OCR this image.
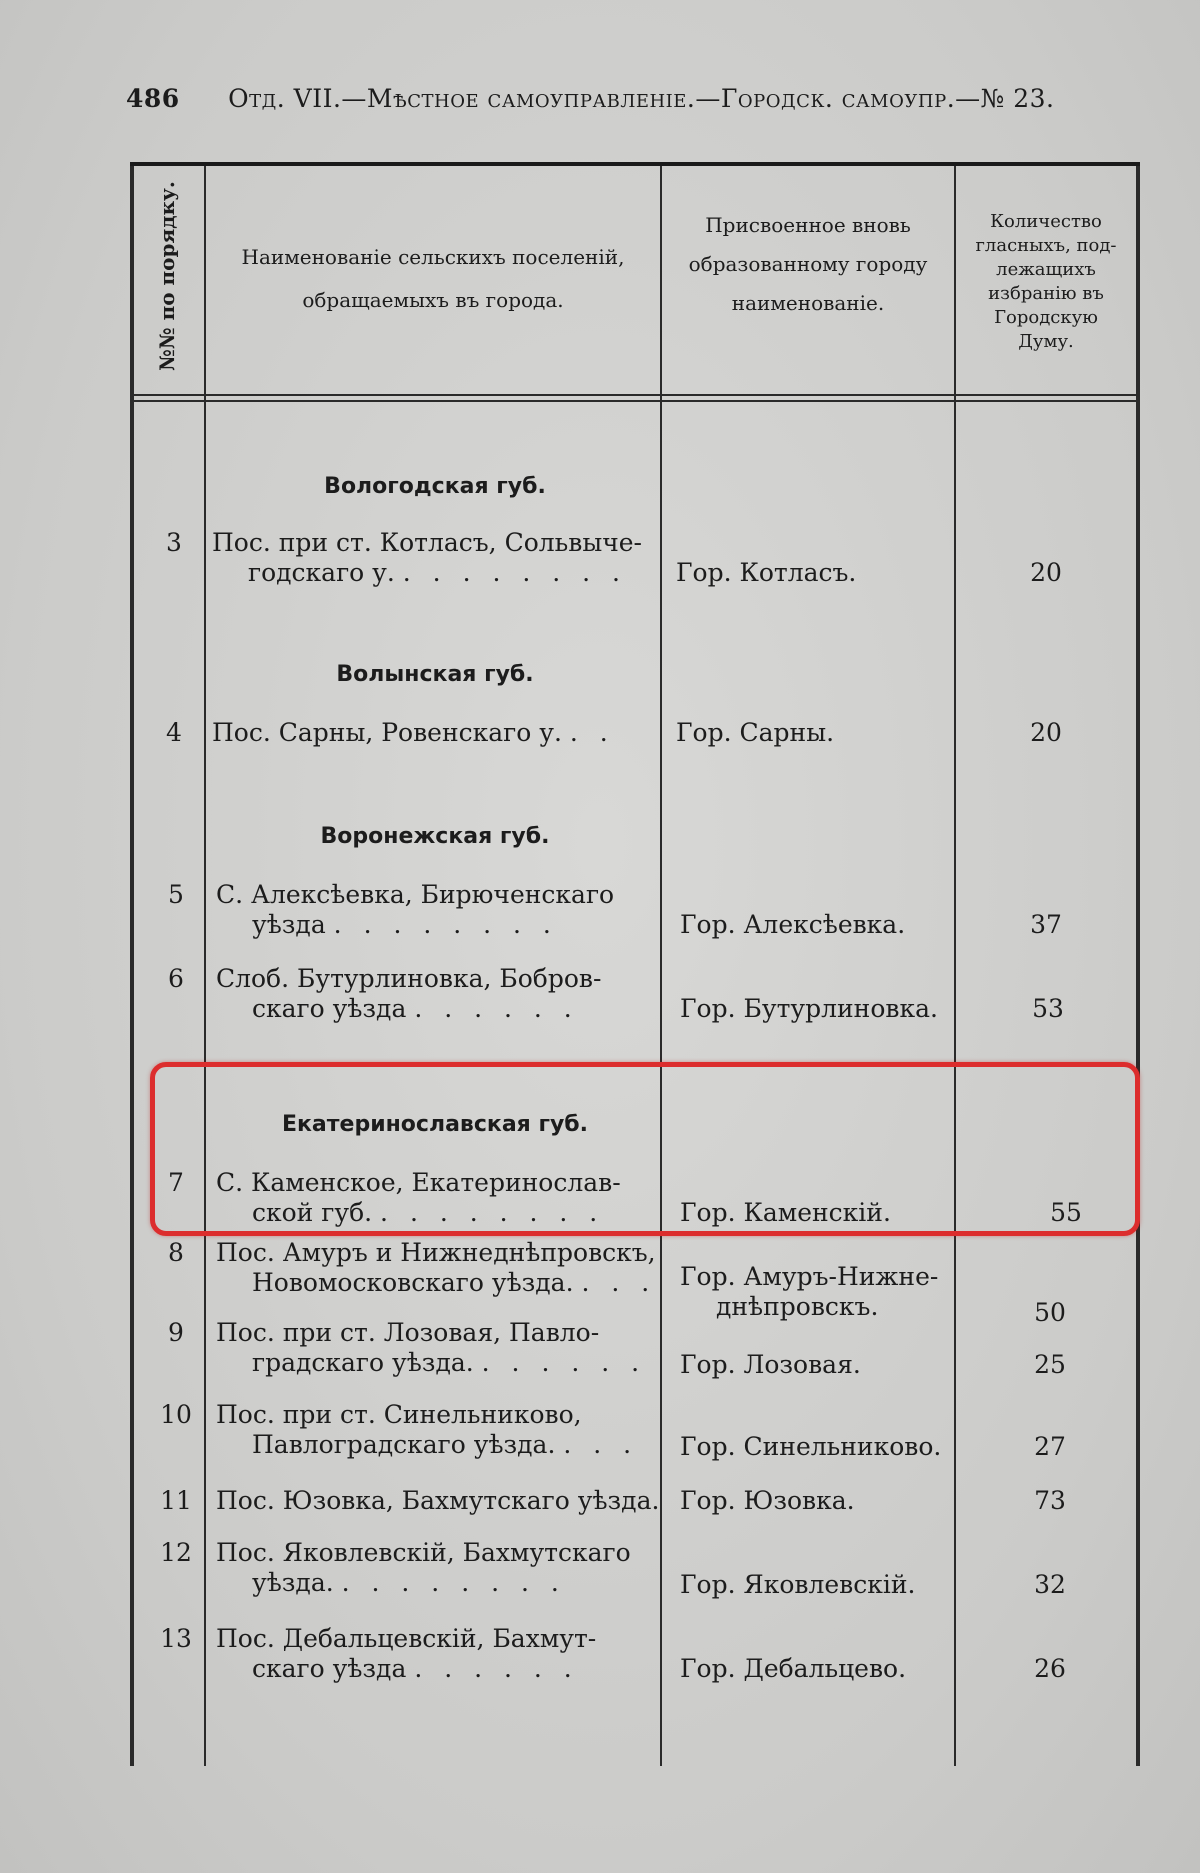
486 Отд. VII.—Мѣстное самоуправленіе.—Городск. самоупр.—№ 23.
№№ по порядку.	Наименованіе сельскихъ поселеній,
обращаемыхъ въ города.
Присвоенное вновь
образованному городу
наименованіе.
Количество
гласныхъ, под-
лежащихъ
избранію въ
Городскую
Думу.
Вологодская губ.
3	Пос. при ст. Котласъ, Сольвыче-
годскаго у. . . . . . . . .	Гор. Котласъ.	20
Волынская губ.
4	Пос. Сарны, Ровенскаго у. . .	Гор. Сарны.	20
Воронежская губ.
5	С. Алексѣевка, Бирюченскаго
уѣзда . . . . . . . .	Гор. Алексѣевка.	37
6	Слоб. Бутурлиновка, Бобров-
скаго уѣзда . . . . . .	Гор. Бутурлиновка.	53
Екатеринославская губ.
7	С. Каменское, Екатеринослав-
ской губ. . . . . . . . .	Гор. Каменскій.	55
8	Пос. Амуръ и Нижнеднѣпровскъ,
Новомосковскаго уѣзда. . . . Гор. Амуръ-Нижне-
днѣпровскъ.	50
9	Пос. при ст. Лозовая, Павло-
градскаго уѣзда. . . . . . .	Гор. Лозовая.	25
10 Пос. при ст. Синельниково,
Павлоградскаго уѣзда. . . .	Гор. Синельниково.	27
11 Пос. Юзовка, Бахмутскаго уѣзда. Гор. Юзовка.	73
12 Пос. Яковлевскій, Бахмутскаго
уѣзда. . . . . . . . .	Гор. Яковлевскій.	32
13 Пос. Дебальцевскій, Бахмут-
скаго уѣзда . . . . . .	Гор. Дебальцево.	26
